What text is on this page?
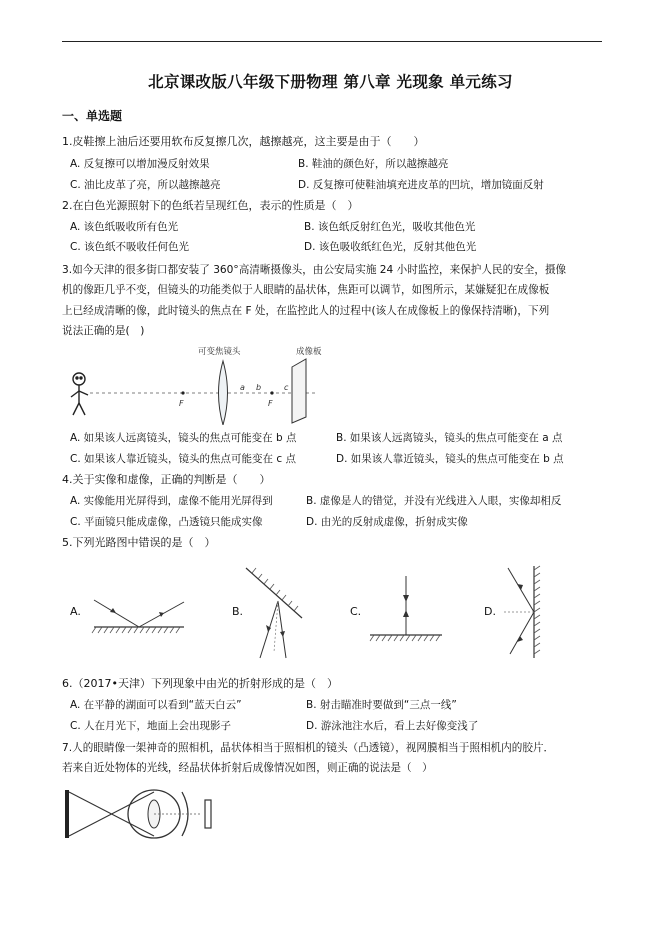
北京课改版八年级下册物理 第八章 光现象 单元练习
一、单选题
1.皮鞋擦上油后还要用软布反复擦几次，越擦越亮，这主要是由于（　　）
A. 反复擦可以增加漫反射效果	B. 鞋油的颜色好，所以越擦越亮
C. 油比皮革了亮，所以越擦越亮	D. 反复擦可使鞋油填充进皮革的凹坑，增加镜面反射
2.在白色光源照射下的色纸若呈现红色，表示的性质是（　）
A. 该色纸吸收所有色光	B. 该色纸反射红色光，吸收其他色光
C. 该色纸不吸收任何色光	D. 该色吸收纸红色光，反射其他色光
3.如今天津的很多街口都安装了 360°高清晰摄像头，由公安局实施 24 小时监控，来保护人民的安全，摄像
机的像距几乎不变，但镜头的功能类似于人眼睛的晶状体，焦距可以调节，如图所示，某嫌疑犯在成像板
上已经成清晰的像，此时镜头的焦点在 F 处，在监控此人的过程中(该人在成像板上的像保持清晰)，下列
说法正确的是(　)
F	F
a b	c
可变焦镜头	成像板
A. 如果该人远离镜头，镜头的焦点可能变在 b 点	B. 如果该人远离镜头，镜头的焦点可能变在 a 点
C. 如果该人靠近镜头，镜头的焦点可能变在 c 点	D. 如果该人靠近镜头，镜头的焦点可能变在 b 点
4.关于实像和虚像，正确的判断是（　　）
A. 实像能用光屏得到，虚像不能用光屏得到	B. 虚像是人的错觉，并没有光线进入人眼，实像却相反
C. 平面镜只能成虚像，凸透镜只能成实像	D. 由光的反射成虚像，折射成实像
5.下列光路图中错误的是（　）
A.	B.	C.	D.
6.（2017•天津）下列现象中由光的折射形成的是（　）
A. 在平静的湖面可以看到“蓝天白云”	B. 射击瞄准时要做到“三点一线”
C. 人在月光下，地面上会出现影子	D. 游泳池注水后，看上去好像变浅了
7.人的眼睛像一架神奇的照相机，晶状体相当于照相机的镜头（凸透镜），视网膜相当于照相机内的胶片．
若来自近处物体的光线，经晶状体折射后成像情况如图，则正确的说法是（　）
